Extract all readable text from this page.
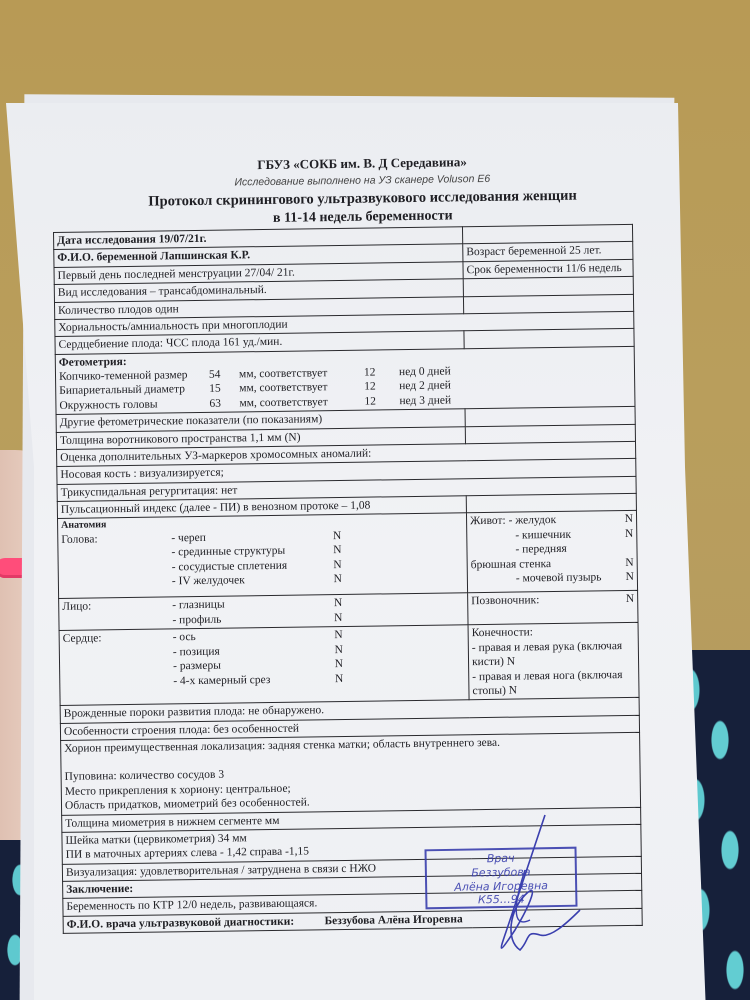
ГБУЗ «СОКБ им. В. Д Середавина»
Исследование выполнено на УЗ сканере Voluson E6
Протокол скринингового ультразвукового исследования женщин
в 11-14 недель беременности
Дата исследования 19/07/21г.	
Ф.И.О. беременной Лапшинская К.Р.	Возраст беременной 25 лет.
Первый день последней менструации 27/04/ 21г.	Срок беременности 11/6 недель
Вид исследования – трансабдоминальный.	
Количество плодов один	
Хориальность/амниальность при многоплодии	
Сердцебиение плода: ЧСС плода 161 уд./мин.	

Фетометрия:
Копчико-теменной размер	54	мм, соответствует	12	нед 0 дней
Бипариетальный диаметр	15	мм, соответствует	12	нед 2 дней
Окружность головы	63	мм, соответствует	12	нед 3 дней

Другие фетометрические показатели (по показаниям)	
Толщина воротникового пространства 1,1 мм (N)	
Оценка дополнительных УЗ-маркеров хромосомных аномалий:	
Носовая кость : визуализируется;	
Трикуспидальная регургитация: нет	
Пульсационный индекс (далее - ПИ) в венозном протоке – 1,08	

Анатомия
Голова:	- череп	N
- срединные структуры	N
- сосудистые сплетения	N
- IV желудочек	N

Живот: - желудок	N
- кишечник	N
- передняя
брюшная стенка	N
- мочевой пузырь	N

Лицо: - глазницы N
- профиль N	Позвоночник: N

Сердце:	- ось	N
- позиция	N
- размеры	N
- 4-х камерный срез	N

Конечности:
- правая и левая рука (включая кисти) N
- правая и левая нога (включая стопы) N

Врожденные пороки развития плода: не обнаружено.	
Особенности строения плода: без особенностей	

Хорион преимущественная локализация: задняя стенка матки; область внутреннего зева.
Пуповина: количество сосудов 3
Место прикрепления к хориону: центральное;
Область придатков, миометрий без особенностей.	

Толщина миометрия в нижнем сегменте мм	

Шейка матки (цервикометрия) 34 мм
ПИ в маточных артериях слева - 1,42 справа -1,15	

Визуализация: удовлетворительная / затруднена в связи с НЖО	
Заключение:	
Беременность по КТР 12/0 недель, развивающаяся.	
Ф.И.О. врача ультразвуковой диагностики: Беззубова Алёна Игоревна	
Врач
Беззубова
Алёна Игоревна
К55…94
